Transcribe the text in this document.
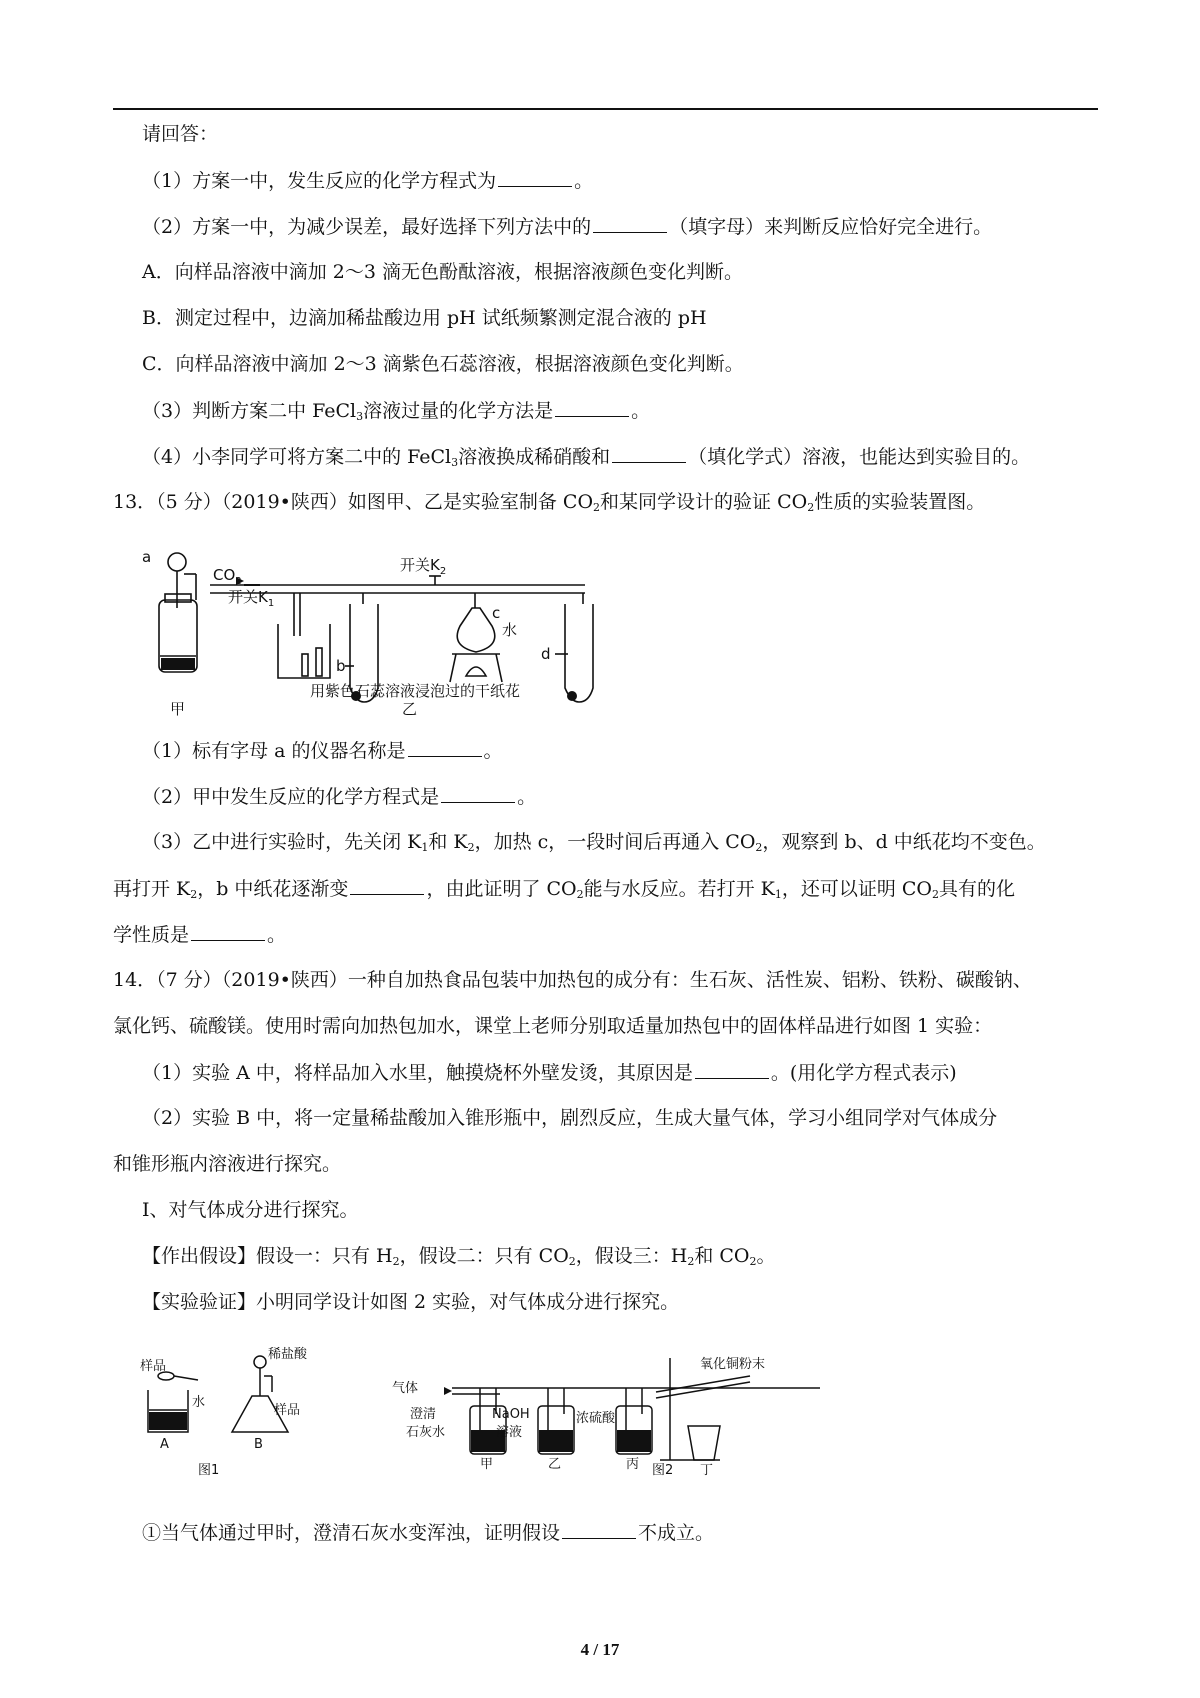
请回答：
（1）方案一中，发生反应的化学方程式为	。
（2）方案一中，为减少误差，最好选择下列方法中的	（填字母）来判断反应恰好完全进行。
A．向样品溶液中滴加 2～3 滴无色酚酞溶液，根据溶液颜色变化判断。
B．测定过程中，边滴加稀盐酸边用 pH 试纸频繁测定混合液的 pH
C．向样品溶液中滴加 2～3 滴紫色石蕊溶液，根据溶液颜色变化判断。
（3）判断方案二中 FeCl$_3$溶液过量的化学方法是	。
（4）小李同学可将方案二中的 FeCl$_3$溶液换成稀硝酸和	（填化学式）溶液，也能达到实验目的。
13．（5 分）（2019•陕西）如图甲、乙是实验室制备 $CO_2$和某同学设计的验证 $CO_2$性质的实验装置图。
a
$CO_2$
开关$K_1$
开关$K_2$
b
c
水
d
用紫色石蕊溶液浸泡过的干纸花
乙
甲
（1）标有字母 a 的仪器名称是	。
（2）甲中发生反应的化学方程式是	。
（3）乙中进行实验时，先关闭 $K_1$和 $K_2$，加热 c，一段时间后再通入 $CO_2$，观察到 b、d 中纸花均不变色。
再打开 $K_2$，b 中纸花逐渐变	，由此证明了 $CO_2$能与水反应。若打开 $K_1$，还可以证明 $CO_2$具有的化
学性质是	。
14．（7 分）（2019•陕西）一种自加热食品包装中加热包的成分有：生石灰、活性炭、铝粉、铁粉、碳酸钠、
氯化钙、硫酸镁。使用时需向加热包加水，课堂上老师分别取适量加热包中的固体样品进行如图 1 实验：
（1）实验 A 中，将样品加入水里，触摸烧杯外壁发烫，其原因是	。(用化学方程式表示)
（2）实验 B 中，将一定量稀盐酸加入锥形瓶中，剧烈反应，生成大量气体，学习小组同学对气体成分
和锥形瓶内溶液进行探究。
Ⅰ、对气体成分进行探究。
【作出假设】假设一：只有 $H_2$，假设二：只有 $CO_2$，假设三：$H_2$和 $CO_2$。
【实验验证】小明同学设计如图 2 实验，对气体成分进行探究。
样品
水
稀盐酸
样品
A	B
图1
气体
澄清
石灰水
NaOH
溶液
浓硫酸
氧化铜粉末
甲	乙	丙	丁
图2
①当气体通过甲时，澄清石灰水变浑浊，证明假设	不成立。
4 / 17
